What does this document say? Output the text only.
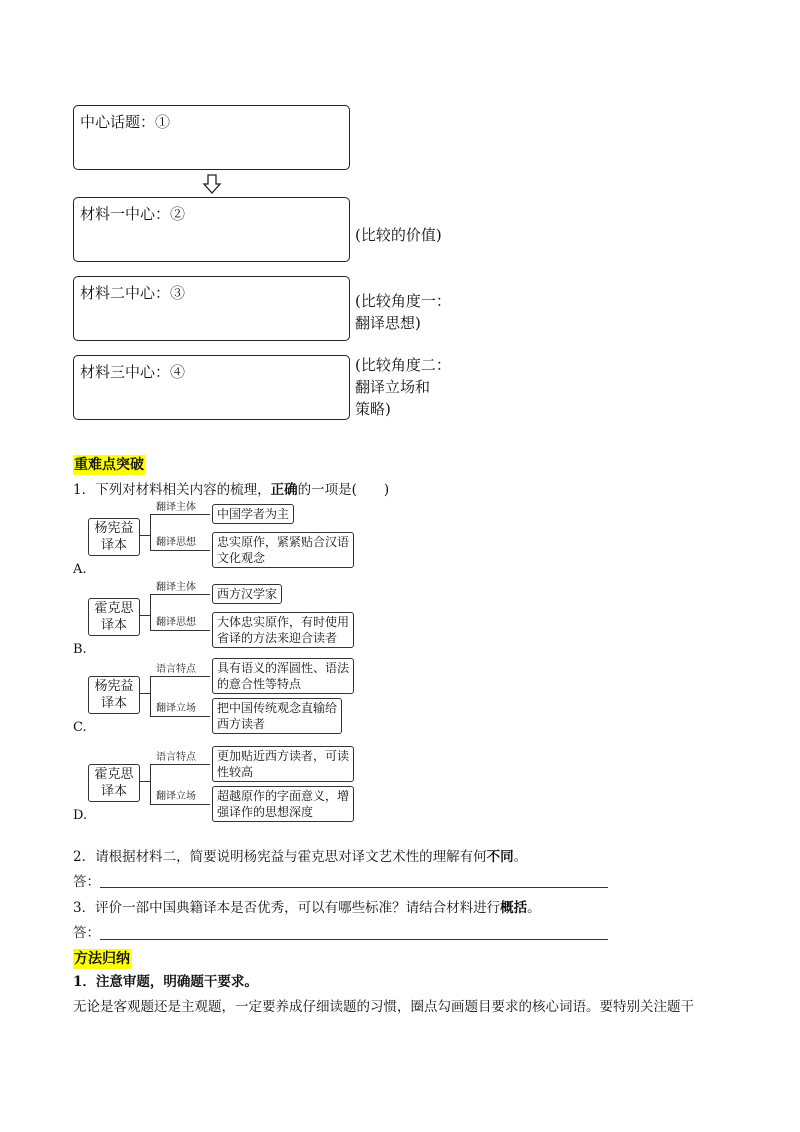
中心话题：①
材料一中心：②
(比较的价值)
材料二中心：③	(比较角度一：
翻译思想)
材料三中心：④	(比较角度二：
翻译立场和
策略)
重难点突破
1．下列对材料相关内容的梳理，正确的一项是(　　)
A.
杨宪益
译本
翻译主体
翻译思想
中国学者为主
忠实原作，紧紧贴合汉语
文化观念
B.
霍克思
译本
翻译主体
翻译思想
西方汉学家
大体忠实原作，有时使用
省译的方法来迎合读者
C.
杨宪益
译本
语言特点
翻译立场
具有语义的浑圆性、语法
的意合性等特点
把中国传统观念直输给
西方读者
D.
霍克思
译本
语言特点
翻译立场
更加贴近西方读者，可读
性较高
超越原作的字面意义，增
强译作的思想深度
2．请根据材料二，简要说明杨宪益与霍克思对译文艺术性的理解有何不同。
答：
3．评价一部中国典籍译本是否优秀，可以有哪些标准？请结合材料进行概括。
答：
方法归纳
1．注意审题，明确题干要求。
无论是客观题还是主观题，一定要养成仔细读题的习惯，圈点勾画题目要求的核心词语。要特别关注题干
